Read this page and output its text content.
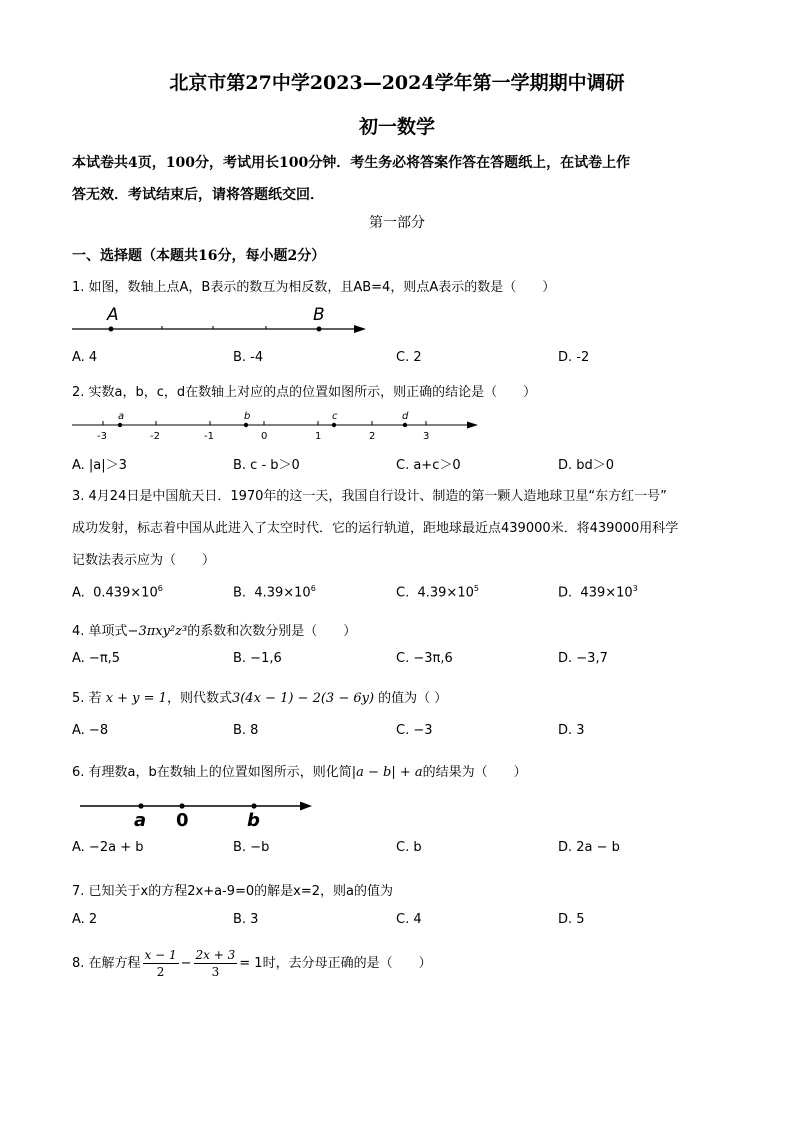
北京市第27中学2023—2024学年第一学期期中调研
初一数学
本试卷共4页，100分，考试用长100分钟．考生务必将答案作答在答题纸上，在试卷上作
答无效．考试结束后，请将答题纸交回．
第一部分
一、选择题（本题共16分，每小题2分）
1. 如图，数轴上点A，B表示的数互为相反数，且AB=4，则点A表示的数是（　　）
A	B
A. 4	B. -4	C. 2	D. -2
2. 实数a，b，c，d在数轴上对应的点的位置如图所示，则正确的结论是（　　）
a	b	c	d
-3	-2	-1	0	1	2	3
A. |a|＞3	B. c - b＞0	C. a+c＞0	D. bd＞0
3. 4月24日是中国航天日．1970年的这一天，我国自行设计、制造的第一颗人造地球卫星“东方红一号”
成功发射，标志着中国从此进入了太空时代．它的运行轨道，距地球最近点439000米．将439000用科学
记数法表示应为（　　）
A. $0.439\times 10^6$	B. $4.39\times 10^6$	C. $4.39\times 10^5$	D. $439\times 10^3$
4. 单项式−3πxy²z³的系数和次数分别是（　　）
A. −π,5	B. −1,6	C. −3π,6	D. −3,7
5. 若 x + y = 1，则代数式3(4x − 1) − 2(3 − 6y) 的值为（ ）
A. −8	B. 8	C. −3	D. 3
6. 有理数a，b在数轴上的位置如图所示，则化简|a − b| + a的结果为（　　）
a 0	b
A. −2a + b	B. −b	C. b	D. 2a − b
7. 已知关于x的方程2x+a-9=0的解是x=2，则a的值为
A. 2	B. 3	C. 4	D. 5
8. 在解方程 $\frac{x - 1}{2} - \frac{2x + 3}{3} = 1$时，去分母正确的是（　　）
